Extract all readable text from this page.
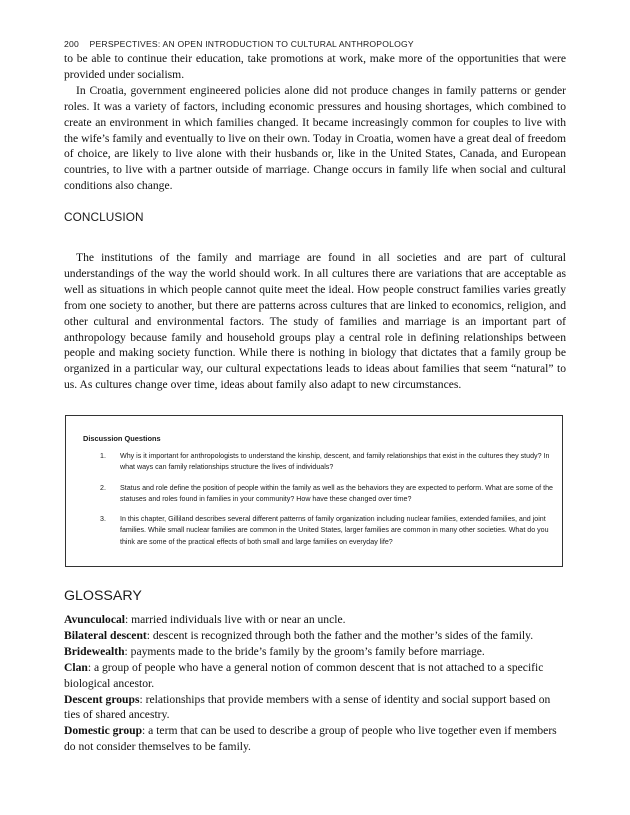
200 PERSPECTIVES: AN OPEN INTRODUCTION TO CULTURAL ANTHROPOLOGY

to be able to continue their education, take promotions at work, make more of the opportunities that were provided under socialism.

In Croatia, government engineered policies alone did not produce changes in family patterns or gender roles. It was a variety of factors, including economic pressures and housing shortages, which combined to create an environment in which families changed. It became increasingly common for couples to live with the wife’s family and eventually to live on their own. Today in Croatia, women have a great deal of freedom of choice, are likely to live alone with their husbands or, like in the United States, Canada, and European countries, to live with a partner outside of marriage. Change occurs in family life when social and cultural conditions also change.

CONCLUSION

The institutions of the family and marriage are found in all societies and are part of cultural understandings of the way the world should work. In all cultures there are variations that are acceptable as well as situations in which people cannot quite meet the ideal. How people construct families varies greatly from one society to another, but there are patterns across cultures that are linked to economics, religion, and other cultural and environmental factors. The study of families and marriage is an important part of anthropology because family and household groups play a central role in defining relationships between people and making society function. While there is nothing in biology that dictates that a family group be organized in a particular way, our cultural expectations leads to ideas about families that seem “natural” to us. As cultures change over time, ideas about family also adapt to new circumstances.

Discussion Questions
1. Why is it important for anthropologists to understand the kinship, descent, and family relationships that exist in the cultures they study? In what ways can family relationships structure the lives of individuals?
2. Status and role define the position of people within the family as well as the behaviors they are expected to perform. What are some of the statuses and roles found in families in your community? How have these changed over time?
3. In this chapter, Gilliland describes several different patterns of family organization including nuclear families, extended families, and joint families. While small nuclear families are common in the United States, larger families are common in many other societies. What do you think are some of the practical effects of both small and large families on everyday life?
GLOSSARY

Avunculocal: married individuals live with or near an uncle.

Bilateral descent: descent is recognized through both the father and the mother’s sides of the family.

Bridewealth: payments made to the bride’s family by the groom’s family before marriage.

Clan: a group of people who have a general notion of common descent that is not attached to a specific biological ancestor.

Descent groups: relationships that provide members with a sense of identity and social support based on ties of shared ancestry.

Domestic group: a term that can be used to describe a group of people who live together even if members do not consider themselves to be family.
